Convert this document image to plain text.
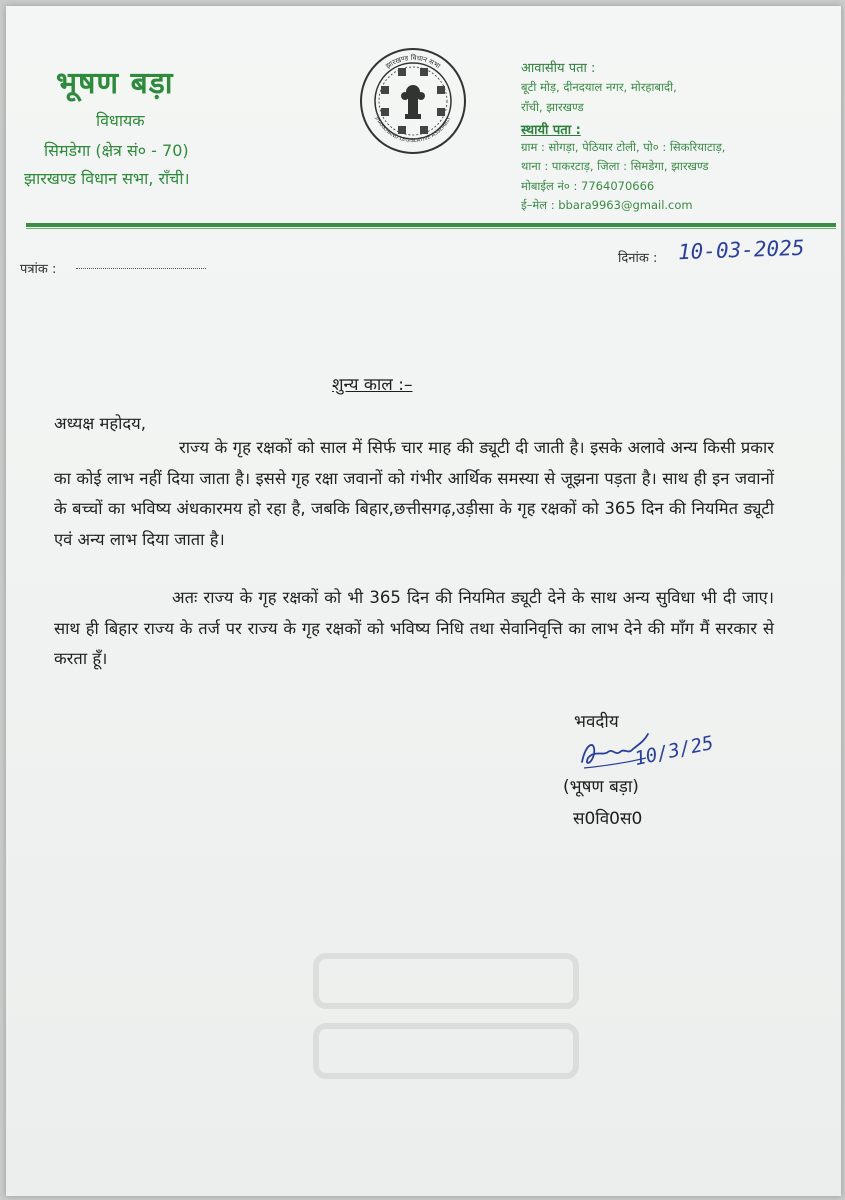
भूषण बड़ा
विधायक
सिमडेगा (क्षेत्र सं० - 70)
झारखण्ड विधान सभा, राँची।
झारखण्ड विधान सभा
JHARKHAND LEGISLATIVE ASSEMBLY
आवासीय पता :
बूटी मोड़, दीनदयाल नगर, मोरहाबादी,
राँची, झारखण्ड
स्थायी पता :
ग्राम : सोगड़ा, पेठियार टोली, पो० : सिकरियाटाड़,
थाना : पाकरटाड़, जिला : सिमडेगा, झारखण्ड
मोबाईल नं० : 7764070666
ई–मेल : bbara9963@gmail.com
पत्रांक :
दिनांक : 10-03-2025
शुन्य काल :–
अध्यक्ष महोदय,
राज्य के गृह रक्षकों को साल में सिर्फ चार माह की ड्यूटी दी जाती है। इसके अलावे अन्य किसी प्रकार का कोई लाभ नहीं दिया जाता है। इससे गृह रक्षा जवानों को गंभीर आर्थिक समस्या से जूझना पड़ता है। साथ ही इन जवानों के बच्चों का भविष्य अंधकारमय हो रहा है, जबकि बिहार,छत्तीसगढ़,उड़ीसा के गृह रक्षकों को 365 दिन की नियमित ड्यूटी एवं अन्य लाभ दिया जाता है।
अतः राज्य के गृह रक्षकों को भी 365 दिन की नियमित ड्यूटी देने के साथ अन्य सुविधा भी दी जाए। साथ ही बिहार राज्य के तर्ज पर राज्य के गृह रक्षकों को भविष्य निधि तथा सेवानिवृत्ति का लाभ देने की माँग मैं सरकार से करता हूँ।
भवदीय
10/3/25
(भूषण बड़ा)
स0वि0स0
